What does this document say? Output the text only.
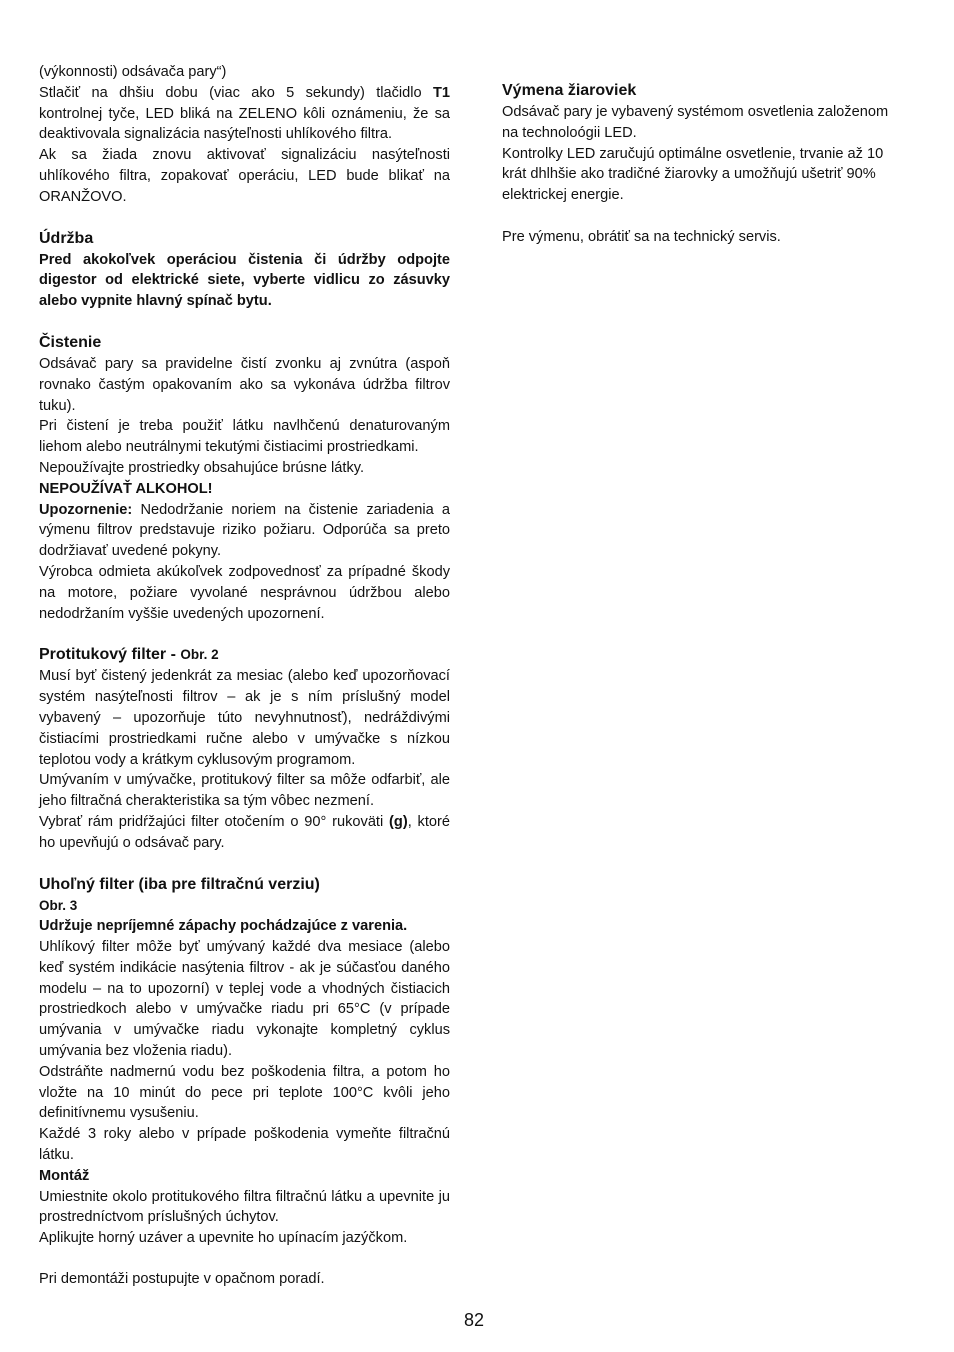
(výkonnosti) odsávača pary“)

Stlačiť na dhšiu dobu (viac ako 5 sekundy) tlačidlo T1 kontrolnej tyče, LED bliká na ZELENO kôli oznámeniu, že sa deaktivovala signalizácia nasýteľnosti uhlíkového filtra.

Ak sa žiada znovu aktivovať signalizáciu nasýteľnosti uhlíkového filtra, zopakovať operáciu, LED bude blikať na ORANŽOVO.

Údržba

Pred akokoľvek operáciou čistenia či údržby odpojte digestor od elektrické siete, vyberte vidlicu zo zásuvky alebo vypnite hlavný spínač bytu.

Čistenie

Odsávač pary sa pravidelne čistí zvonku aj zvnútra (aspoň rovnako častým opakovaním ako sa vykonáva údržba filtrov tuku).

Pri čistení je treba použiť látku navlhčenú denaturovaným liehom alebo neutrálnymi tekutými čistiacimi prostriedkami.

Nepoužívajte prostriedky obsahujúce brúsne látky.

NEPOUŽÍVAŤ ALKOHOL!

Upozornenie: Nedodržanie noriem na čistenie zariadenia a výmenu filtrov predstavuje riziko požiaru. Odporúča sa preto dodržiavať uvedené pokyny.

Výrobca odmieta akúkoľvek zodpovednosť za prípadné škody na motore, požiare vyvolané nesprávnou údržbou alebo nedodržaním vyššie uvedených upozornení.

Protitukový filter - Obr. 2

Musí byť čistený jedenkrát za mesiac (alebo keď upozorňovací systém nasýteľnosti filtrov – ak je s ním príslušný model vybavený – upozorňuje túto nevyhnutnosť), nedráždivými čistiacími prostriedkami ručne alebo v umývačke s nízkou teplotou vody a krátkym cyklusovým programom.

Umývaním v umývačke, protitukový filter sa môže odfarbiť, ale jeho filtračná cherakteristika sa tým vôbec nezmení.

Vybrať rám pridŕžajúci filter otočením o 90° rukoväti (g), ktoré ho upevňujú o odsávač pary.

Uhoľný filter (iba pre filtračnú verziu)

Obr. 3

Udržuje nepríjemné zápachy pochádzajúce z varenia.

Uhlíkový filter môže byť umývaný každé dva mesiace (alebo keď systém indikácie nasýtenia filtrov - ak je súčasťou daného modelu – na to upozorní) v teplej vode a vhodných čistiacich prostriedkoch alebo v umývačke riadu pri 65°C (v prípade umývania v umývačke riadu vykonajte kompletný cyklus umývania bez vloženia riadu).

Odstráňte nadmernú vodu bez poškodenia filtra, a potom ho vložte na 10 minút do pece pri teplote 100°C kvôli jeho definitívnemu vysušeniu.

Každé 3 roky alebo v prípade poškodenia vymeňte filtračnú látku.

Montáž

Umiestnite okolo protitukového filtra filtračnú látku a upevnite ju prostredníctvom príslušných úchytov.

Aplikujte horný uzáver a upevnite ho upínacím jazýčkom.

Pri demontáži postupujte v opačnom poradí.

Výmena žiaroviek

Odsávač pary je vybavený systémom osvetlenia založenom na technoloógii LED.

Kontrolky LED zaručujú optimálne osvetlenie, trvanie až 10 krát dhlhšie ako tradičné žiarovky a umožňujú ušetriť 90% elektrickej energie.

Pre výmenu, obrátiť sa na technický servis.

82
